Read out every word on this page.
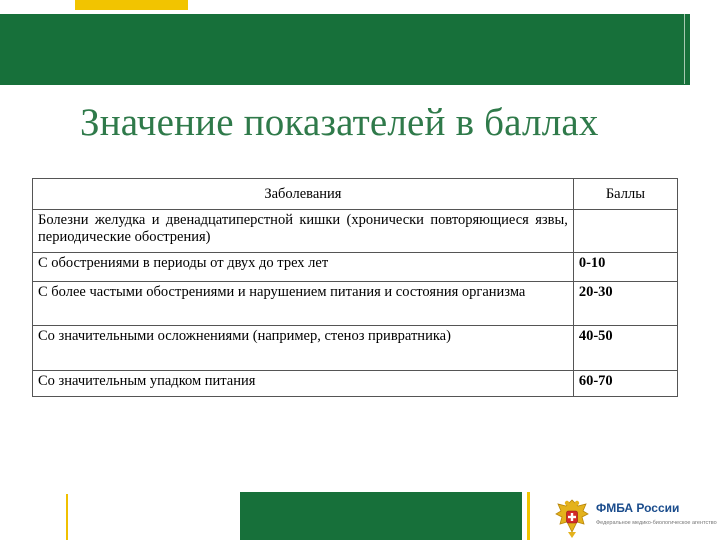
Значение показателей в баллах
Заболевания	Баллы
Болезни желудка и двенадцатиперстной кишки (хронически повторяющиеся язвы, периодические обострения)	
С обострениями в периоды от двух до трех лет	0-10
С более частыми обострениями и нарушением питания и состояния организма	20-30
Со значительными осложнениями (например, стеноз привратника)	40-50
Со значительным упадком питания	60-70
ФМБА России
Федеральное медико-биологическое агентство
